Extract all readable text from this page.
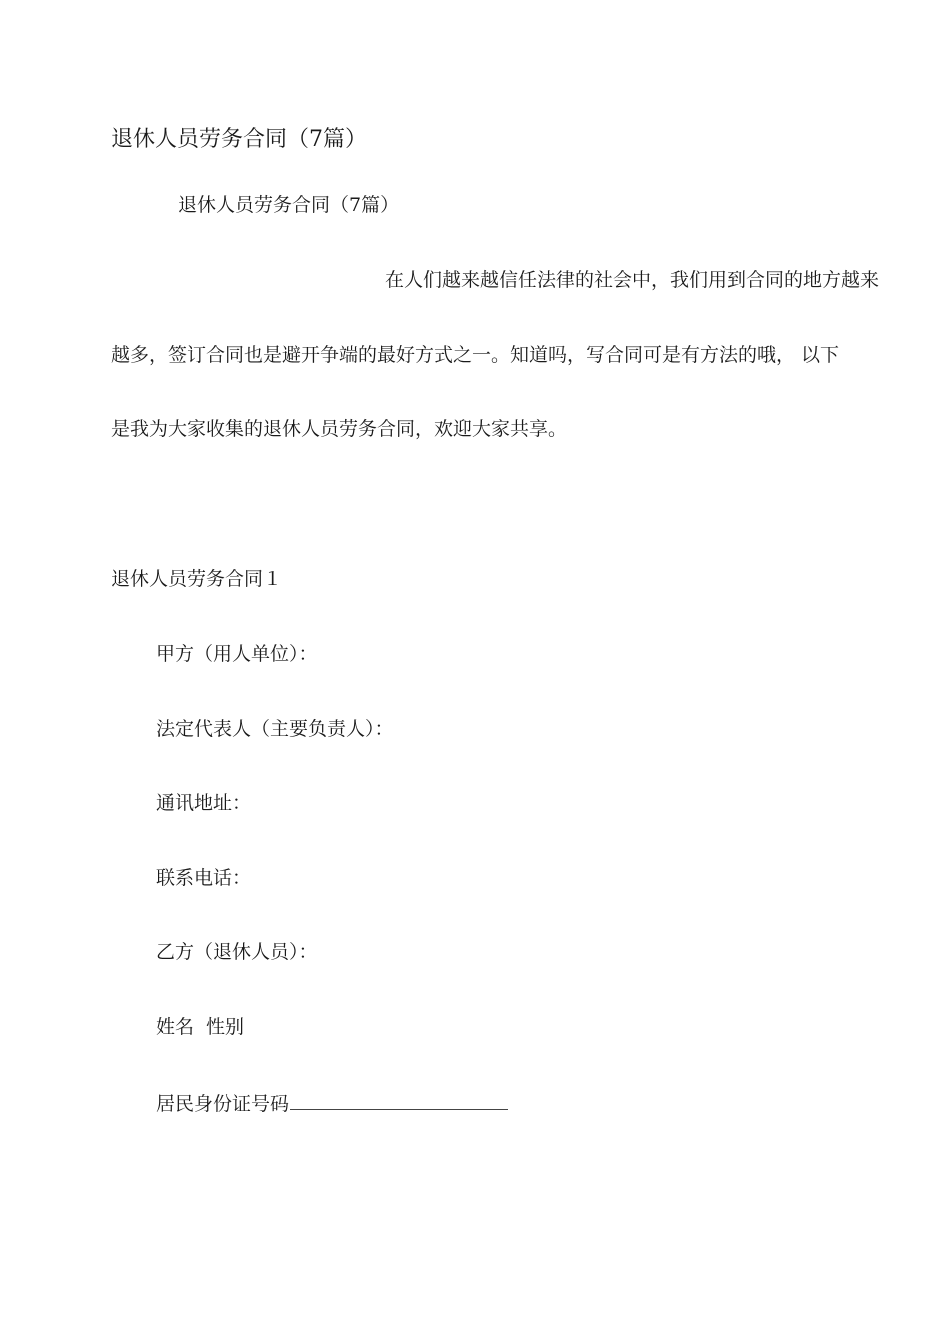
退休人员劳务合同（7篇）
退休人员劳务合同（7篇）
在人们越来越信任法律的社会中，我们用到合同的地方越来
越多，签订合同也是避开争端的最好方式之一。知道吗，写合同可是有方法的哦， 以下
是我为大家收集的退休人员劳务合同，欢迎大家共享。
退休人员劳务合同１
甲方（用人单位）：
法定代表人（主要负责人）：
通讯地址：
联系电话：
乙方（退休人员）：
姓名 性别
居民身份证号码
